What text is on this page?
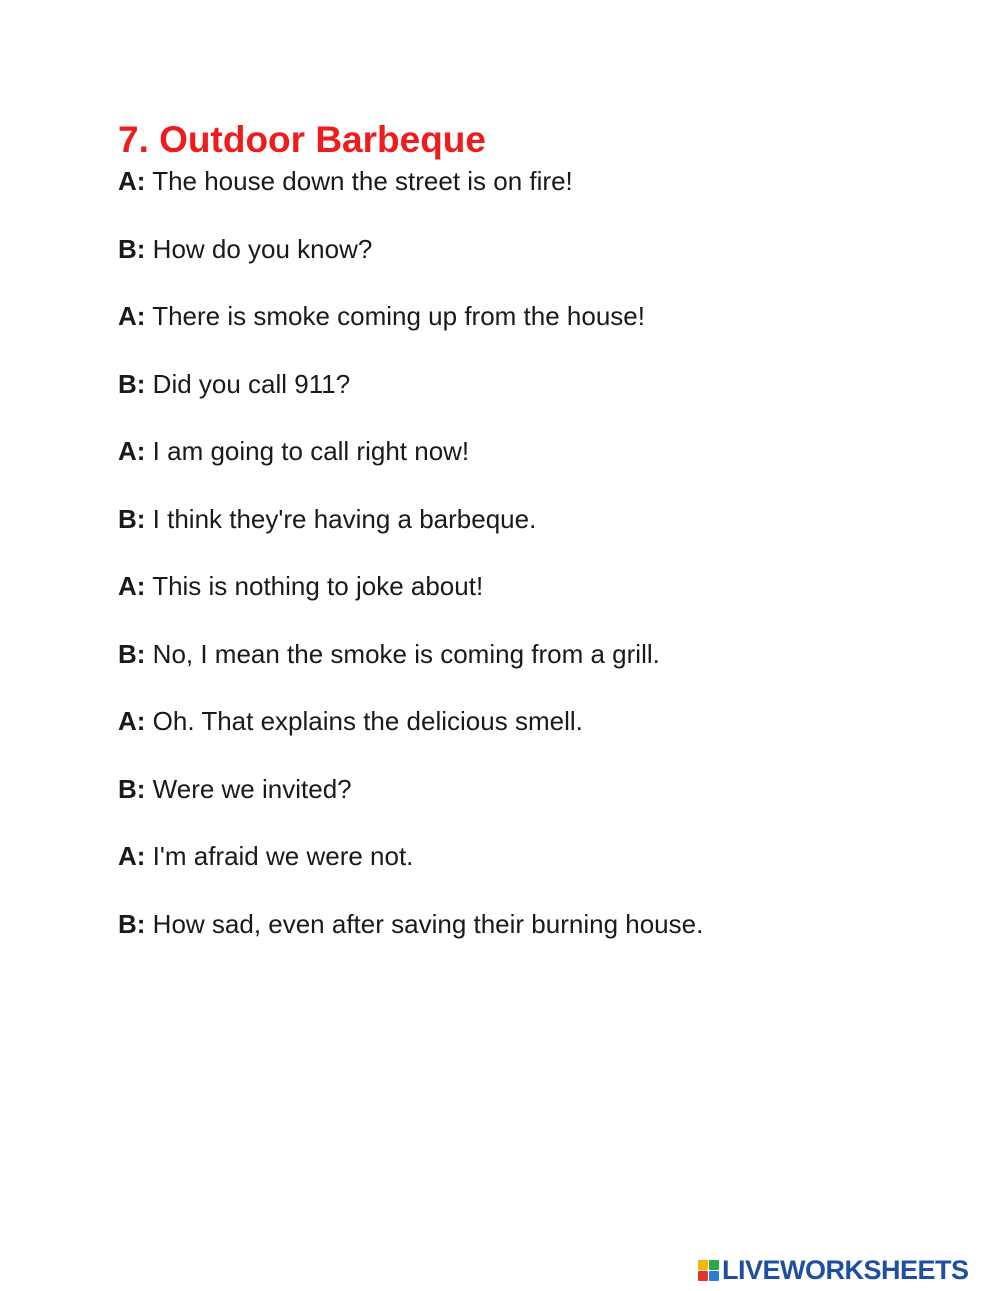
7. Outdoor Barbeque
A: The house down the street is on fire!
B: How do you know?
A: There is smoke coming up from the house!
B: Did you call 911?
A: I am going to call right now!
B: I think they're having a barbeque.
A: This is nothing to joke about!
B: No, I mean the smoke is coming from a grill.
A: Oh. That explains the delicious smell.
B: Were we invited?
A: I'm afraid we were not.
B: How sad, even after saving their burning house.
LIVEWORKSHEETS
